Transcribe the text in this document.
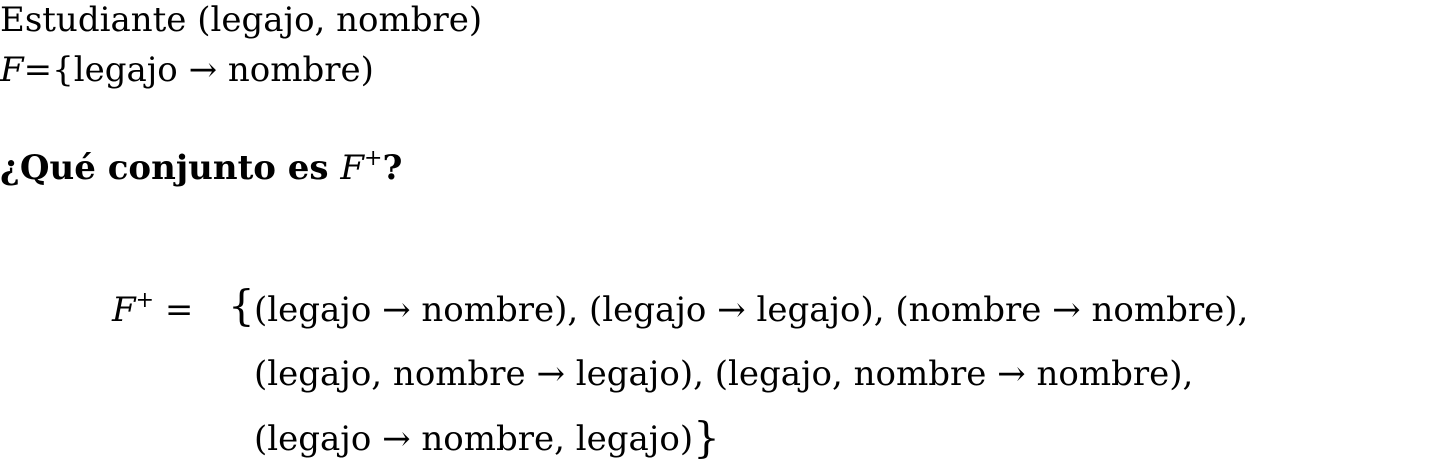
Estudiante (legajo, nombre)
F={legajo → nombre)
¿Qué conjunto es F+?
F+ = { (legajo → nombre), (legajo → legajo), (nombre → nombre),
(legajo, nombre → legajo), (legajo, nombre → nombre),
(legajo → nombre, legajo)}
